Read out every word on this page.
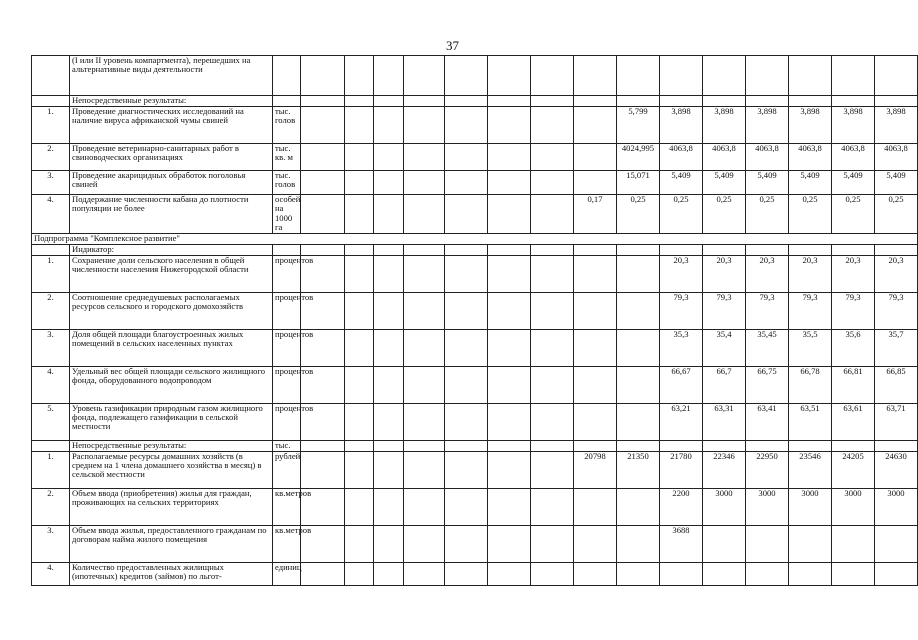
37
	(I или II уровень компартмента), перешедших на альтернативные виды деятельности																
	Непосредственные результаты:																
1.	Проведение диагностических исследований на наличие вируса африканской чумы свиней	тыс. голов									5,799	3,898	3,898	3,898	3,898	3,898	3,898
2.	Проведение ветеринарно-санитарных работ в свиноводческих организациях	тыс. кв. м									4024,995	4063,8	4063,8	4063,8	4063,8	4063,8	4063,8
3.	Проведение акарицидных обработок поголовья свиней	тыс. голов									15,071	5,409	5,409	5,409	5,409	5,409	5,409
4.	Поддержание численности кабана до плотности популяции не более	особей на 1000 га								0,17	0,25	0,25	0,25	0,25	0,25	0,25	0,25
Подпрограмма "Комплексное развитие"																	
	Индикатор:																
1.	Сохранение доли сельского населения в общей численности населения Нижегородской области	процентов										20,3	20,3	20,3	20,3	20,3	20,3
2.	Соотношение среднедушевых располагаемых ресурсов сельского и городского домохозяйств	процентов										79,3	79,3	79,3	79,3	79,3	79,3
3.	Доля общей площади благоустроенных жилых помещений в сельских населенных пунктах	процентов										35,3	35,4	35,45	35,5	35,6	35,7
4.	Удельный вес общей площади сельского жилищного фонда, оборудованного водопроводом	процентов										66,67	66,7	66,75	66,78	66,81	66,85
5.	Уровень газификации природным газом жилищного фонда, подлежащего газификации в сельской местности	процентов										63,21	63,31	63,41	63,51	63,61	63,71
	Непосредственные результаты:	тыс.															
1.	Располагаемые ресурсы домашних хозяйств (в среднем на 1 члена домашнего хозяйства в месяц) в сельской местности	рублей								20798	21350	21780	22346	22950	23546	24205	24630
2.	Объем ввода (приобретения) жилья для граждан, проживающих на сельских территориях	кв.метров										2200	3000	3000	3000	3000	3000
3.	Объем ввода жилья, предоставленного гражданам по договорам найма жилого помещения	кв.метров										3688					
4.	Количество предоставленных жилищных (ипотечных) кредитов (займов) по льгот-	единиц															
